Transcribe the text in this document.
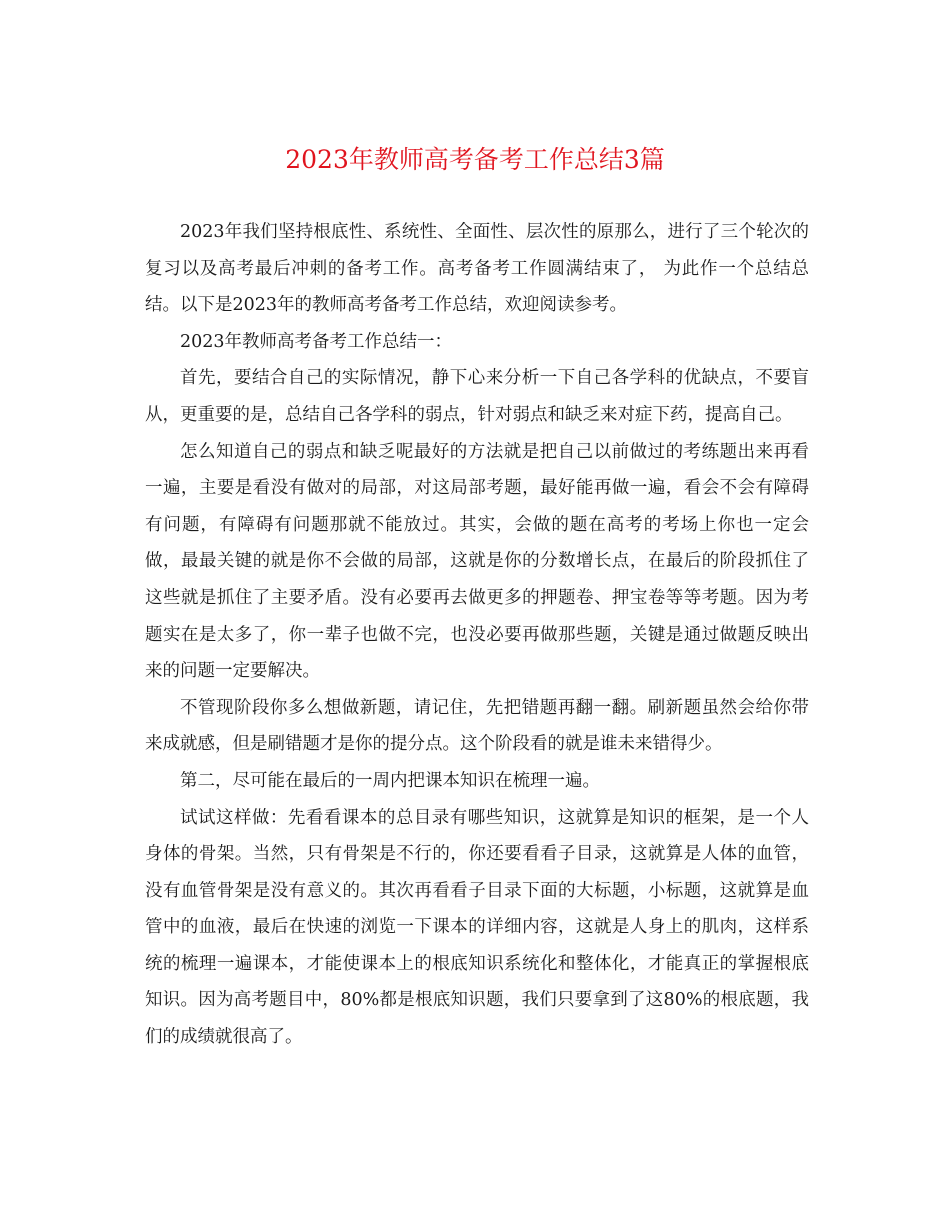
2023年教师高考备考工作总结3篇

2023年我们坚持根底性、系统性、全面性、层次性的原那么，进行了三个轮次的复习以及高考最后冲刺的备考工作。高考备考工作圆满结束了， 为此作一个总结总结。以下是2023年的教师高考备考工作总结，欢迎阅读参考。

2023年教师高考备考工作总结一：

首先，要结合自己的实际情况，静下心来分析一下自己各学科的优缺点，不要盲从，更重要的是，总结自己各学科的弱点，针对弱点和缺乏来对症下药，提高自己。

怎么知道自己的弱点和缺乏呢最好的方法就是把自己以前做过的考练题出来再看一遍，主要是看没有做对的局部，对这局部考题，最好能再做一遍，看会不会有障碍有问题，有障碍有问题那就不能放过。其实，会做的题在高考的考场上你也一定会做，最最关键的就是你不会做的局部，这就是你的分数增长点，在最后的阶段抓住了这些就是抓住了主要矛盾。没有必要再去做更多的押题卷、押宝卷等等考题。因为考题实在是太多了，你一辈子也做不完，也没必要再做那些题，关键是通过做题反映出来的问题一定要解决。

不管现阶段你多么想做新题，请记住，先把错题再翻一翻。刷新题虽然会给你带来成就感，但是刷错题才是你的提分点。这个阶段看的就是谁未来错得少。

第二，尽可能在最后的一周内把课本知识在梳理一遍。

试试这样做：先看看课本的总目录有哪些知识，这就算是知识的框架，是一个人身体的骨架。当然，只有骨架是不行的，你还要看看子目录，这就算是人体的血管，没有血管骨架是没有意义的。其次再看看子目录下面的大标题，小标题，这就算是血管中的血液，最后在快速的浏览一下课本的详细内容，这就是人身上的肌肉，这样系统的梳理一遍课本，才能使课本上的根底知识系统化和整体化，才能真正的掌握根底知识。因为高考题目中，80%都是根底知识题，我们只要拿到了这80%的根底题，我们的成绩就很高了。
